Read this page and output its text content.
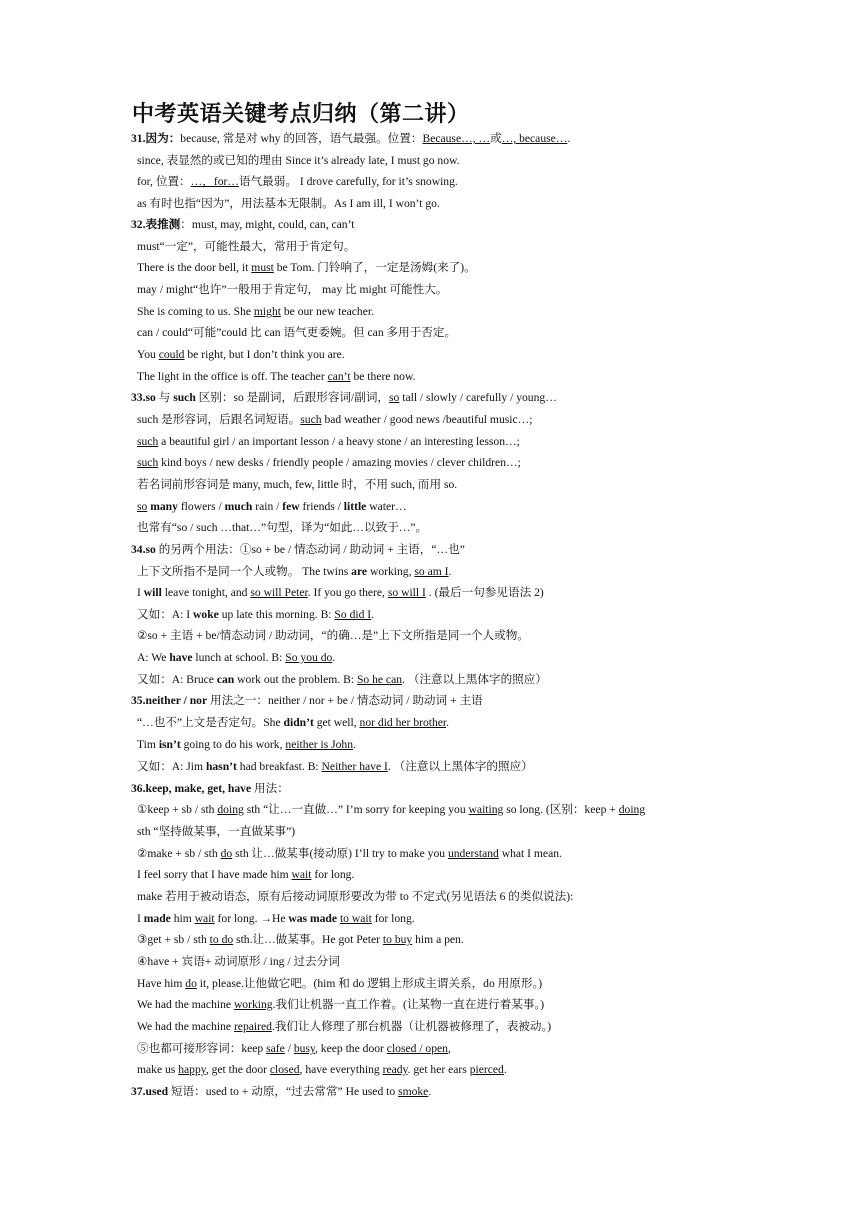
中考英语关键考点归纳（第二讲）
31.因为：because, 常是对 why 的回答，语气最强。位置：Because…, …或…, because….
since, 表显然的或已知的理由 Since it’s already late, I must go now.
for, 位置：…，for…语气最弱。 I drove carefully, for it’s snowing.
as 有时也指“因为”，用法基本无限制。As I am ill, I won’t go.
32.表推测：must, may, might, could, can, can’t
must“一定”，可能性最大，常用于肯定句。
There is the door bell, it must be Tom. 门铃响了，一定是汤姆(来了)。
may / might“也许”一般用于肯定句， may 比 might 可能性大。
She is coming to us. She might be our new teacher.
can / could“可能”could 比 can 语气更委婉。但 can 多用于否定。
You could be right, but I don’t think you are.
The light in the office is off. The teacher can’t be there now.
33.so 与 such 区别：so 是副词，后跟形容词/副词，so tall / slowly / carefully / young…
such 是形容词，后跟名词短语。such bad weather / good news /beautiful music…;
such a beautiful girl / an important lesson / a heavy stone / an interesting lesson…;
such kind boys / new desks / friendly people / amazing movies / clever children…;
若名词前形容词是 many, much, few, little 时，不用 such, 而用 so.
so many flowers / much rain / few friends / little water…
也常有“so / such …that…”句型，译为“如此…以致于…”。
34.so 的另两个用法：①so + be / 情态动词 / 助动词 + 主语，“…也”
上下文所指不是同一个人或物。 The twins are working, so am I.
I will leave tonight, and so will Peter. If you go there, so will I . (最后一句参见语法 2)
又如：A: I woke up late this morning. B: So did I.
②so + 主语 + be/情态动词 / 助动词，“的确…是”上下文所指是同一个人或物。
A: We have lunch at school. B: So you do.
又如：A: Bruce can work out the problem. B: So he can. （注意以上黑体字的照应）
35.neither / nor 用法之一：neither / nor + be / 情态动词 / 助动词 + 主语
“…也不”上文是否定句。She didn’t get well, nor did her brother.
Tim isn’t going to do his work, neither is John.
又如：A: Jim hasn’t had breakfast. B: Neither have I. （注意以上黑体字的照应）
36.keep, make, get, have 用法：
①keep + sb / sth doing sth “让…一直做…” I’m sorry for keeping you waiting so long. (区别：keep + doing
sth “坚持做某事，一直做某事”)
②make + sb / sth do sth 让…做某事(接动原) I’ll try to make you understand what I mean.
I feel sorry that I have made him wait for long.
make 若用于被动语态，原有后接动词原形要改为带 to 不定式(另见语法 6 的类似说法):
I made him wait for long. →He was made to wait for long.
③get + sb / sth to do sth.让…做某事。He got Peter to buy him a pen.
④have + 宾语+ 动词原形 / ing / 过去分词
Have him do it, please.让他做它吧。(him 和 do 逻辑上形成主谓关系，do 用原形。)
We had the machine working.我们让机器一直工作着。(让某物一直在进行着某事。)
We had the machine repaired.我们让人修理了那台机器（让机器被修理了，表被动。)
⑤也都可接形容词：keep safe / busy, keep the door closed / open,
make us happy, get the door closed, have everything ready. get her ears pierced.
37.used 短语：used to + 动原，“过去常常” He used to smoke.
